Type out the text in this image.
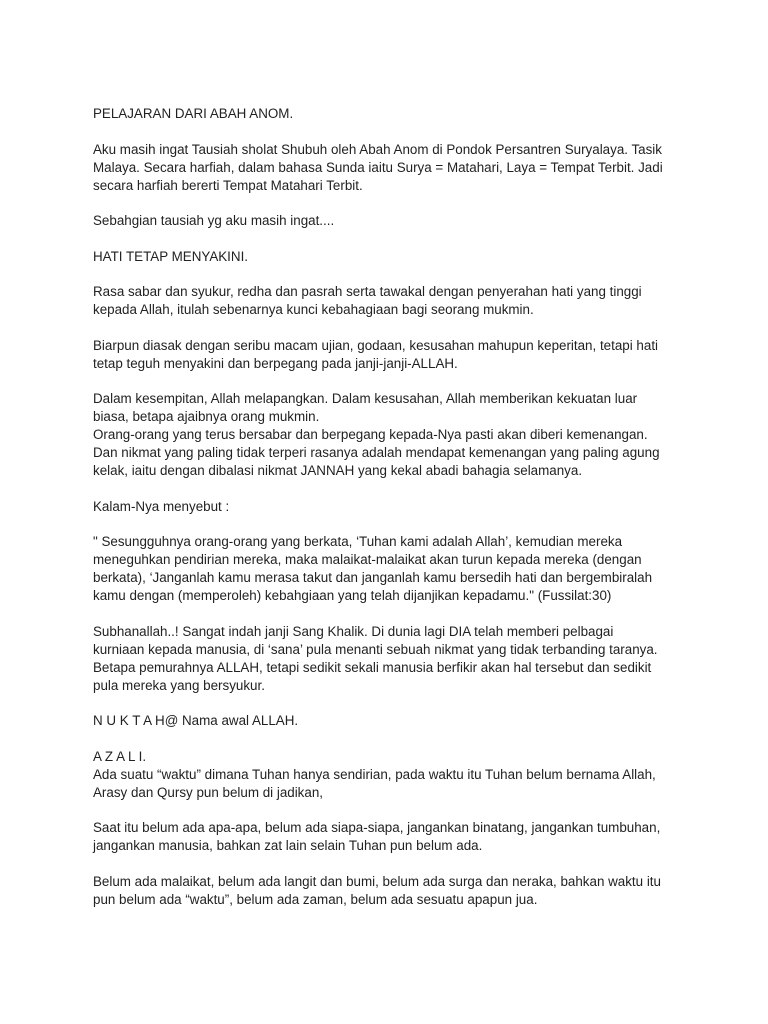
PELAJARAN DARI ABAH ANOM.

Aku masih ingat Tausiah sholat Shubuh oleh Abah Anom di Pondok Persantren Suryalaya. Tasik
Malaya. Secara harfiah, dalam bahasa Sunda iaitu Surya = Matahari, Laya = Tempat Terbit. Jadi
secara harfiah bererti Tempat Matahari Terbit.

Sebahgian tausiah yg aku masih ingat....

HATI TETAP MENYAKINI.

Rasa sabar dan syukur, redha dan pasrah serta tawakal dengan penyerahan hati yang tinggi
kepada Allah, itulah sebenarnya kunci kebahagiaan bagi seorang mukmin.

Biarpun diasak dengan seribu macam ujian, godaan, kesusahan mahupun keperitan, tetapi hati
tetap teguh menyakini dan berpegang pada janji-janji-ALLAH.

Dalam kesempitan, Allah melapangkan. Dalam kesusahan, Allah memberikan kekuatan luar
biasa, betapa ajaibnya orang mukmin.
Orang-orang yang terus bersabar dan berpegang kepada-Nya pasti akan diberi kemenangan.
Dan nikmat yang paling tidak terperi rasanya adalah mendapat kemenangan yang paling agung
kelak, iaitu dengan dibalasi nikmat JANNAH yang kekal abadi bahagia selamanya.

Kalam-Nya menyebut :

" Sesungguhnya orang-orang yang berkata, ‘Tuhan kami adalah Allah’, kemudian mereka
meneguhkan pendirian mereka, maka malaikat-malaikat akan turun kepada mereka (dengan
berkata), ‘Janganlah kamu merasa takut dan janganlah kamu bersedih hati dan bergembiralah
kamu dengan (memperoleh) kebahgiaan yang telah dijanjikan kepadamu." (Fussilat:30)

Subhanallah..! Sangat indah janji Sang Khalik. Di dunia lagi DIA telah memberi pelbagai
kurniaan kepada manusia, di ‘sana’ pula menanti sebuah nikmat yang tidak terbanding taranya.
Betapa pemurahnya ALLAH, tetapi sedikit sekali manusia berfikir akan hal tersebut dan sedikit
pula mereka yang bersyukur.

N U K T A H@ Nama awal ALLAH.

A Z A L I.
Ada suatu “waktu” dimana Tuhan hanya sendirian, pada waktu itu Tuhan belum bernama Allah,
Arasy dan Qursy pun belum di jadikan,

Saat itu belum ada apa-apa, belum ada siapa-siapa, jangankan binatang, jangankan tumbuhan,
jangankan manusia, bahkan zat lain selain Tuhan pun belum ada.

Belum ada malaikat, belum ada langit dan bumi, belum ada surga dan neraka, bahkan waktu itu
pun belum ada “waktu”, belum ada zaman, belum ada sesuatu apapun jua.
